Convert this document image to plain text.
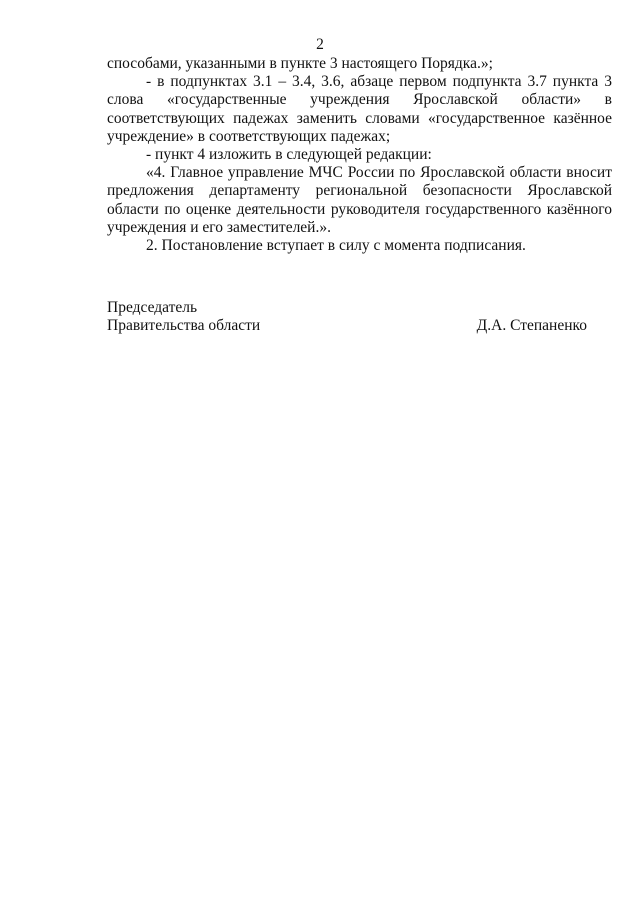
2

способами, указанными в пункте 3 настоящего Порядка.»;

- в подпунктах 3.1 – 3.4, 3.6, абзаце первом подпункта 3.7 пункта 3 слова «государственные учреждения Ярославской области» в соответствующих падежах заменить словами «государственное казённое учреждение» в соответствующих падежах;

- пункт 4 изложить в следующей редакции:

«4. Главное управление МЧС России по Ярославской области вносит предложения департаменту региональной безопасности Ярославской области по оценке деятельности руководителя государственного казённого учреждения и его заместителей.».

2. Постановление вступает в силу с момента подписания.

Председатель
Правительства области	Д.А. Степаненко
